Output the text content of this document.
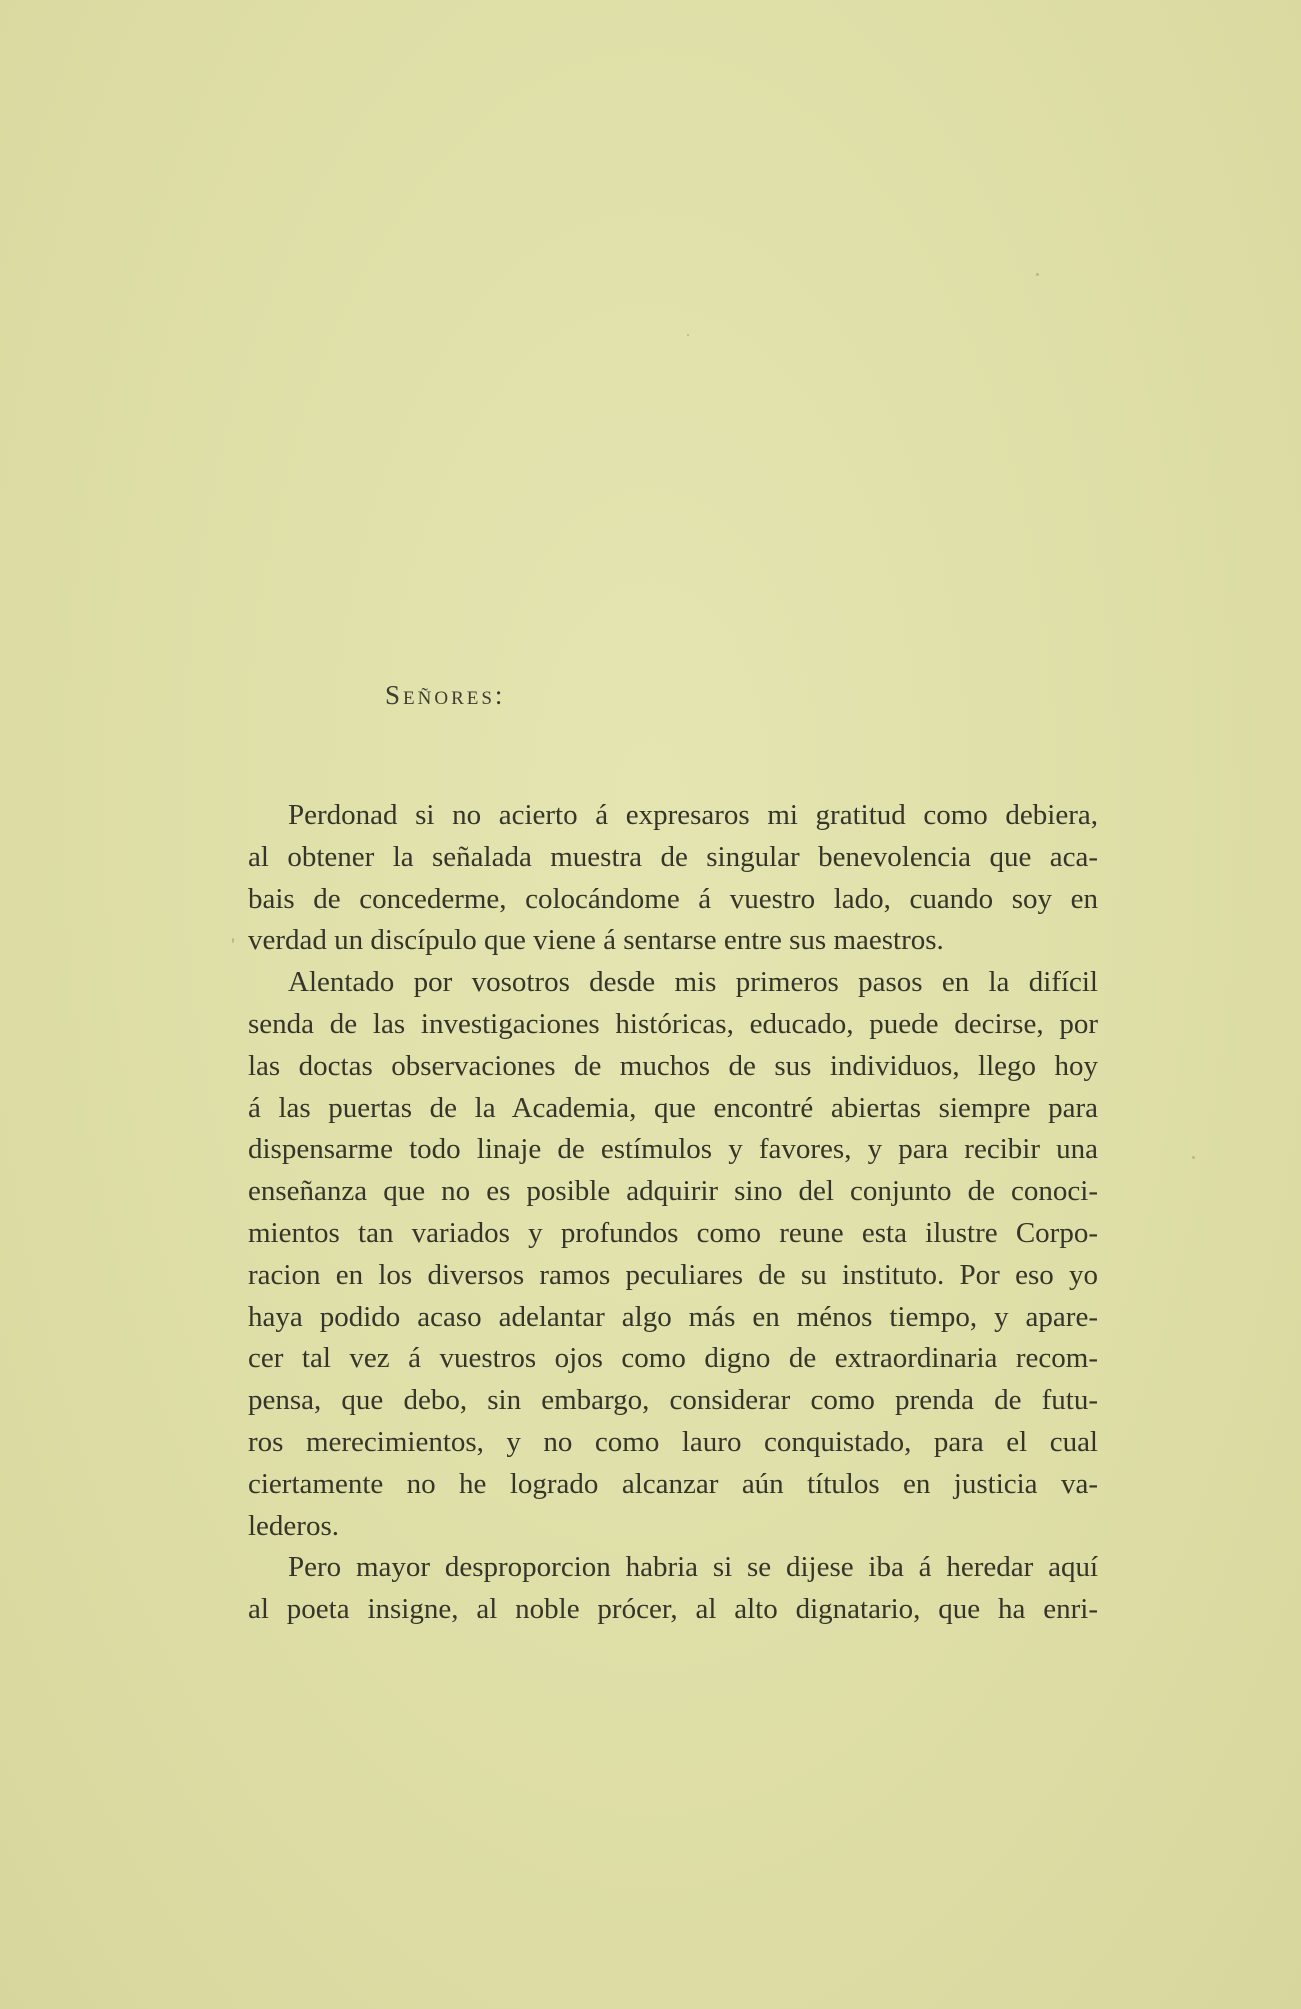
Señores:
Perdonad si no acierto á expresaros mi gratitud como debiera,
al obtener la señalada muestra de singular benevolencia que aca-
bais de concederme, colocándome á vuestro lado, cuando soy en
verdad un discípulo que viene á sentarse entre sus maestros.
Alentado por vosotros desde mis primeros pasos en la difícil
senda de las investigaciones históricas, educado, puede decirse, por
las doctas observaciones de muchos de sus individuos, llego hoy
á las puertas de la Academia, que encontré abiertas siempre para
dispensarme todo linaje de estímulos y favores, y para recibir una
enseñanza que no es posible adquirir sino del conjunto de conoci-
mientos tan variados y profundos como reune esta ilustre Corpo-
racion en los diversos ramos peculiares de su instituto. Por eso yo
haya podido acaso adelantar algo más en ménos tiempo, y apare-
cer tal vez á vuestros ojos como digno de extraordinaria recom-
pensa, que debo, sin embargo, considerar como prenda de futu-
ros merecimientos, y no como lauro conquistado, para el cual
ciertamente no he logrado alcanzar aún títulos en justicia va-
lederos.
Pero mayor desproporcion habria si se dijese iba á heredar aquí
al poeta insigne, al noble prócer, al alto dignatario, que ha enri-
